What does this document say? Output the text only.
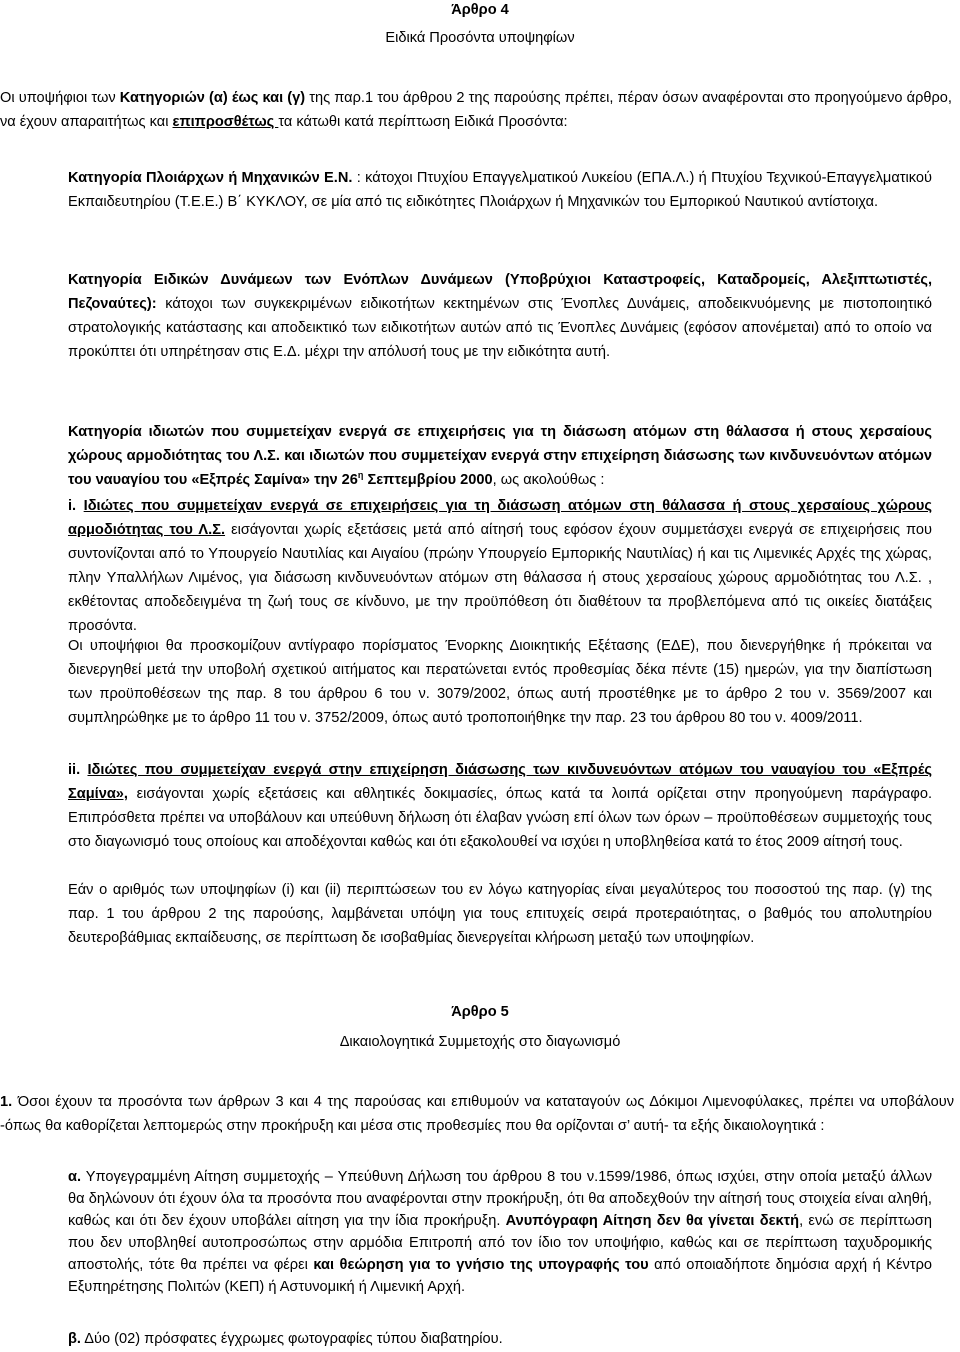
Άρθρο 4
Ειδικά Προσόντα υποψηφίων
Οι υποψήφιοι των Κατηγοριών (α) έως και (γ) της παρ.1 του άρθρου 2 της παρούσης πρέπει, πέραν όσων αναφέρονται στο προηγούμενο άρθρο, να έχουν απαραιτήτως και επιπροσθέτως τα κάτωθι κατά περίπτωση Ειδικά Προσόντα:
Κατηγορία Πλοιάρχων ή Μηχανικών Ε.Ν. : κάτοχοι Πτυχίου Επαγγελματικού Λυκείου (ΕΠΑ.Λ.) ή Πτυχίου Τεχνικού-Επαγγελματικού Εκπαιδευτηρίου (Τ.Ε.Ε.) Β΄ ΚΥΚΛΟΥ, σε μία από τις ειδικότητες Πλοιάρχων ή Μηχανικών του Εμπορικού Ναυτικού αντίστοιχα.
Κατηγορία Ειδικών Δυνάμεων των Ενόπλων Δυνάμεων (Υποβρύχιοι Καταστροφείς, Καταδρομείς, Αλεξιπτωτιστές, Πεζοναύτες): κάτοχοι των συγκεκριμένων ειδικοτήτων κεκτημένων στις Ένοπλες Δυνάμεις, αποδεικνυόμενης με πιστοποιητικό στρατολογικής κατάστασης και αποδεικτικό των ειδικοτήτων αυτών από τις Ένοπλες Δυνάμεις (εφόσον απονέμεται) από το οποίο να προκύπτει ότι υπηρέτησαν στις Ε.Δ. μέχρι την απόλυσή τους με την ειδικότητα αυτή.
Κατηγορία ιδιωτών που συμμετείχαν ενεργά σε επιχειρήσεις για τη διάσωση ατόμων στη θάλασσα ή στους χερσαίους χώρους αρμοδιότητας του Λ.Σ. και ιδιωτών που συμμετείχαν ενεργά στην επιχείρηση διάσωσης των κινδυνευόντων ατόμων του ναυαγίου του «Εξπρές Σαμίνα» την $26^\eta$ Σεπτεμβρίου 2000, ως ακολούθως :
i. Ιδιώτες που συμμετείχαν ενεργά σε επιχειρήσεις για τη διάσωση ατόμων στη θάλασσα ή στους χερσαίους χώρους αρμοδιότητας του Λ.Σ. εισάγονται χωρίς εξετάσεις μετά από αίτησή τους εφόσον έχουν συμμετάσχει ενεργά σε επιχειρήσεις που συντονίζονται από το Υπουργείο Ναυτιλίας και Αιγαίου (πρώην Υπουργείο Εμπορικής Ναυτιλίας) ή και τις Λιμενικές Αρχές της χώρας, πλην Υπαλλήλων Λιμένος, για διάσωση κινδυνευόντων ατόμων στη θάλασσα ή στους χερσαίους χώρους αρμοδιότητας του Λ.Σ. , εκθέτοντας αποδεδειγμένα τη ζωή τους σε κίνδυνο, με την προϋπόθεση ότι διαθέτουν τα προβλεπόμενα από τις οικείες διατάξεις προσόντα.
Οι υποψήφιοι θα προσκομίζουν αντίγραφο πορίσματος Ένορκης Διοικητικής Εξέτασης (ΕΔΕ), που διενεργήθηκε ή πρόκειται να διενεργηθεί μετά την υποβολή σχετικού αιτήματος και περατώνεται εντός προθεσμίας δέκα πέντε (15) ημερών, για την διαπίστωση των προϋποθέσεων της παρ. 8 του άρθρου 6 του ν. 3079/2002, όπως αυτή προστέθηκε με το άρθρο 2 του ν. 3569/2007 και συμπληρώθηκε με το άρθρο 11 του ν. 3752/2009, όπως αυτό τροποποιήθηκε την παρ. 23 του άρθρου 80 του ν. 4009/2011.
ii. Ιδιώτες που συμμετείχαν ενεργά στην επιχείρηση διάσωσης των κινδυνευόντων ατόμων του ναυαγίου του «Εξπρές Σαμίνα», εισάγονται χωρίς εξετάσεις και αθλητικές δοκιμασίες, όπως κατά τα λοιπά ορίζεται στην προηγούμενη παράγραφο. Επιπρόσθετα πρέπει να υποβάλουν και υπεύθυνη δήλωση ότι έλαβαν γνώση επί όλων των όρων – προϋποθέσεων συμμετοχής τους στο διαγωνισμό τους οποίους και αποδέχονται καθώς και ότι εξακολουθεί να ισχύει η υποβληθείσα κατά το έτος 2009 αίτησή τους.
Εάν ο αριθμός των υποψηφίων (i) και (ii) περιπτώσεων του εν λόγω κατηγορίας είναι μεγαλύτερος του ποσοστού της παρ. (γ) της παρ. 1 του άρθρου 2 της παρούσης, λαμβάνεται υπόψη για τους επιτυχείς σειρά προτεραιότητας, ο βαθμός του απολυτηρίου δευτεροβάθμιας εκπαίδευσης, σε περίπτωση δε ισοβαθμίας διενεργείται κλήρωση μεταξύ των υποψηφίων.
Άρθρο 5
Δικαιολογητικά Συμμετοχής στο διαγωνισμό
1. Όσοι έχουν τα προσόντα των άρθρων 3 και 4 της παρούσας και επιθυμούν να καταταγούν ως Δόκιμοι Λιμενοφύλακες, πρέπει να υποβάλουν -όπως θα καθορίζεται λεπτομερώς στην προκήρυξη και μέσα στις προθεσμίες που θα ορίζονται σ’ αυτή- τα εξής δικαιολογητικά :
α. Υπογεγραμμένη Αίτηση συμμετοχής – Υπεύθυνη Δήλωση του άρθρου 8 του ν.1599/1986, όπως ισχύει, στην οποία μεταξύ άλλων θα δηλώνουν ότι έχουν όλα τα προσόντα που αναφέρονται στην προκήρυξη, ότι θα αποδεχθούν την αίτησή τους στοιχεία είναι αληθή, καθώς και ότι δεν έχουν υποβάλει αίτηση για την ίδια προκήρυξη. Ανυπόγραφη Αίτηση δεν θα γίνεται δεκτή, ενώ σε περίπτωση που δεν υποβληθεί αυτοπροσώπως στην αρμόδια Επιτροπή από τον ίδιο τον υποψήφιο, καθώς και σε περίπτωση ταχυδρομικής αποστολής, τότε θα πρέπει να φέρει και θεώρηση για το γνήσιο της υπογραφής του από οποιαδήποτε δημόσια αρχή ή Κέντρο Εξυπηρέτησης Πολιτών (ΚΕΠ) ή Αστυνομική ή Λιμενική Αρχή.
β. Δύο (02) πρόσφατες έγχρωμες φωτογραφίες τύπου διαβατηρίου.
